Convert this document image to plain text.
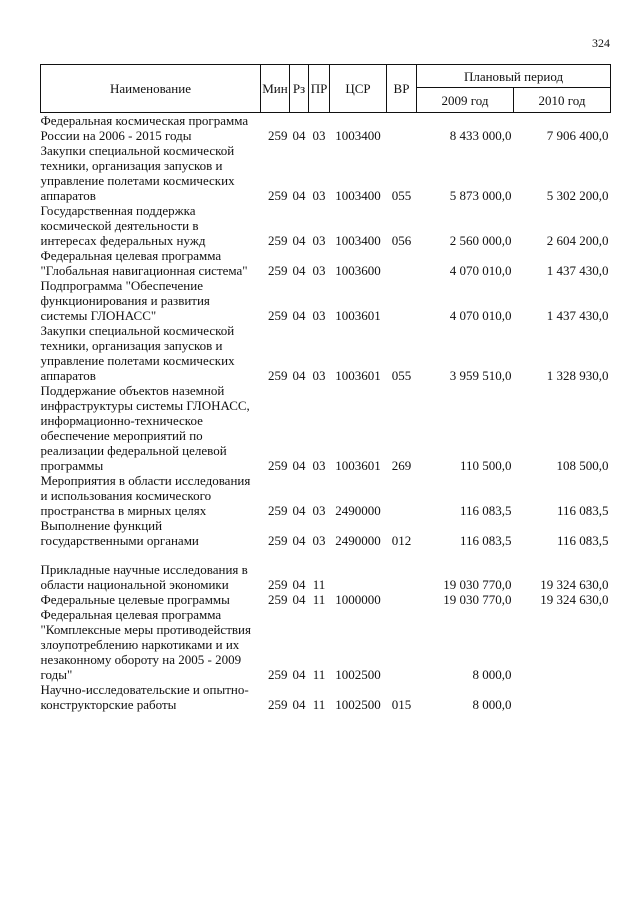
324
Наименование	Мин	Рз	ПР	ЦСР	ВР	Плановый период	
						2009 год	2010 год
Федеральная космическая программа России на 2006 - 2015 годы	259	04	03	1003400		8 433 000,0	7 906 400,0
Закупки специальной космической техники, организация запусков и управление полетами космических аппаратов	259	04	03	1003400	055	5 873 000,0	5 302 200,0
Государственная поддержка космической деятельности в интересах федеральных нужд	259	04	03	1003400	056	2 560 000,0	2 604 200,0
Федеральная целевая программа "Глобальная навигационная система"	259	04	03	1003600		4 070 010,0	1 437 430,0
Подпрограмма "Обеспечение функционирования и развития системы ГЛОНАСС"	259	04	03	1003601		4 070 010,0	1 437 430,0
Закупки специальной космической техники, организация запусков и управление полетами космических аппаратов	259	04	03	1003601	055	3 959 510,0	1 328 930,0
Поддержание объектов наземной инфраструктуры системы ГЛОНАСС, информационно-техническое обеспечение мероприятий по реализации федеральной целевой программы	259	04	03	1003601	269	110 500,0	108 500,0
Мероприятия в области исследования и использования космического пространства в мирных целях	259	04	03	2490000		116 083,5	116 083,5
Выполнение функций государственными органами	259	04	03	2490000	012	116 083,5	116 083,5

Прикладные научные исследования в области национальной экономики	259	04	11			19 030 770,0	19 324 630,0
Федеральные целевые программы	259	04	11	1000000		19 030 770,0	19 324 630,0
Федеральная целевая программа "Комплексные меры противодействия злоупотреблению наркотиками и их незаконному обороту на 2005 - 2009 годы"	259	04	11	1002500		8 000,0	
Научно-исследовательские и опытно-конструкторские работы	259	04	11	1002500	015	8 000,0	
